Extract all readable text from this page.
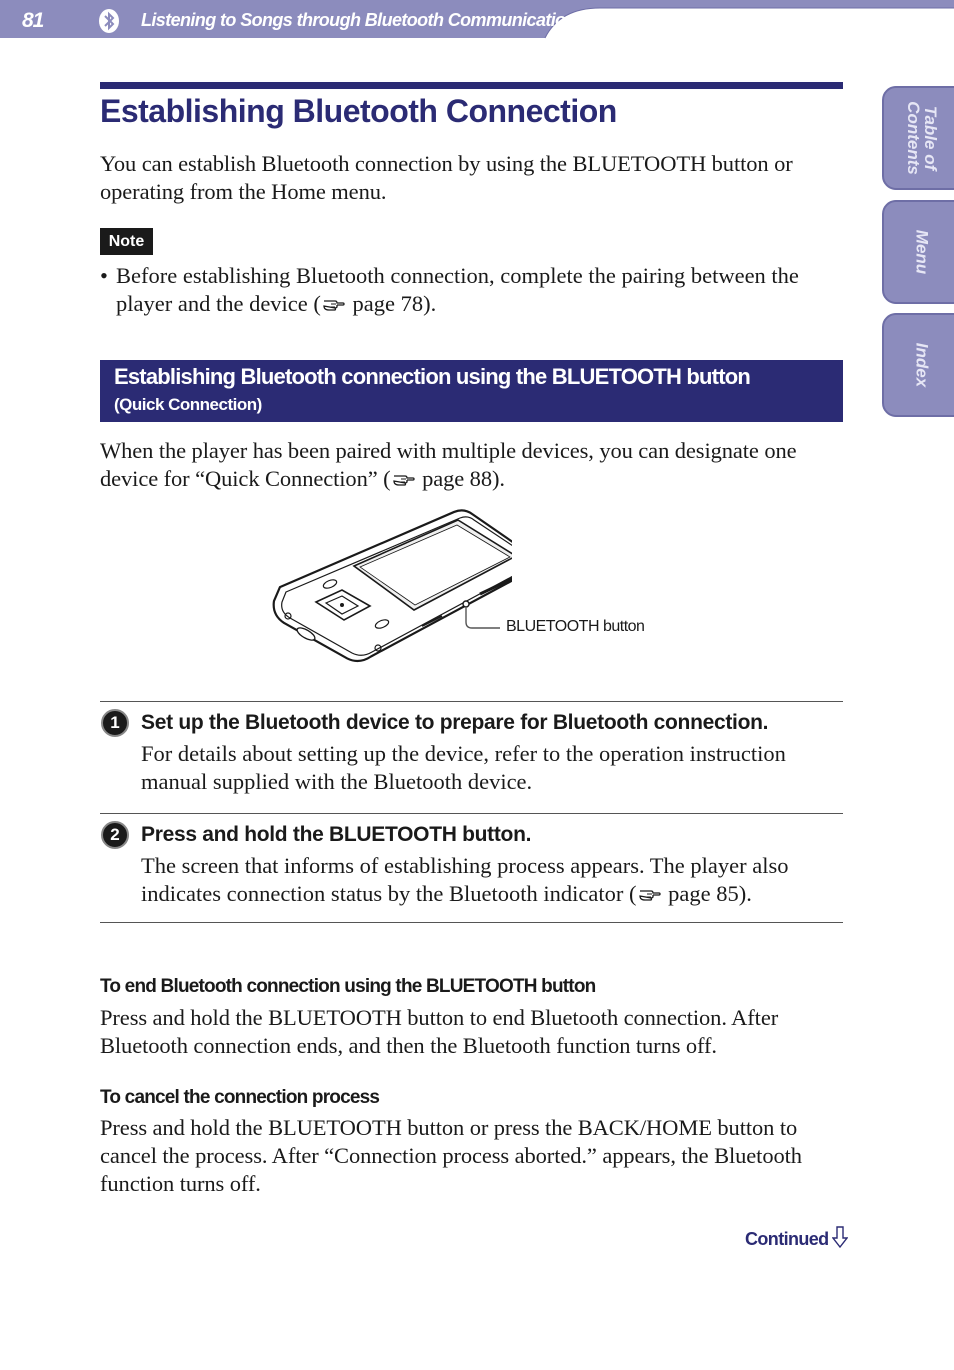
81	Listening to Songs through Bluetooth Communication
Table of
Contents
Menu
Index
Establishing Bluetooth Connection

You can establish Bluetooth connection by using the BLUETOOTH button or operating from the Home menu.

Note
• Before establishing Bluetooth connection, complete the pairing between the player and the device ( page 78).
Establishing Bluetooth connection using the BLUETOOTH button
(Quick Connection)

When the player has been paired with multiple devices, you can designate one device for “Quick Connection” ( page 88).

BLUETOOTH button
1	Set up the Bluetooth device to prepare for Bluetooth connection.

For details about setting up the device, refer to the operation instruction manual supplied with the Bluetooth device.

2	Press and hold the BLUETOOTH button.

The screen that informs of establishing process appears. The player also indicates connection status by the Bluetooth indicator ( page 85).

To end Bluetooth connection using the BLUETOOTH button

Press and hold the BLUETOOTH button to end Bluetooth connection. After Bluetooth connection ends, and then the Bluetooth function turns off.

To cancel the connection process

Press and hold the BLUETOOTH button or press the BACK/HOME button to cancel the process. After “Connection process aborted.” appears, the Bluetooth function turns off.

Continued
